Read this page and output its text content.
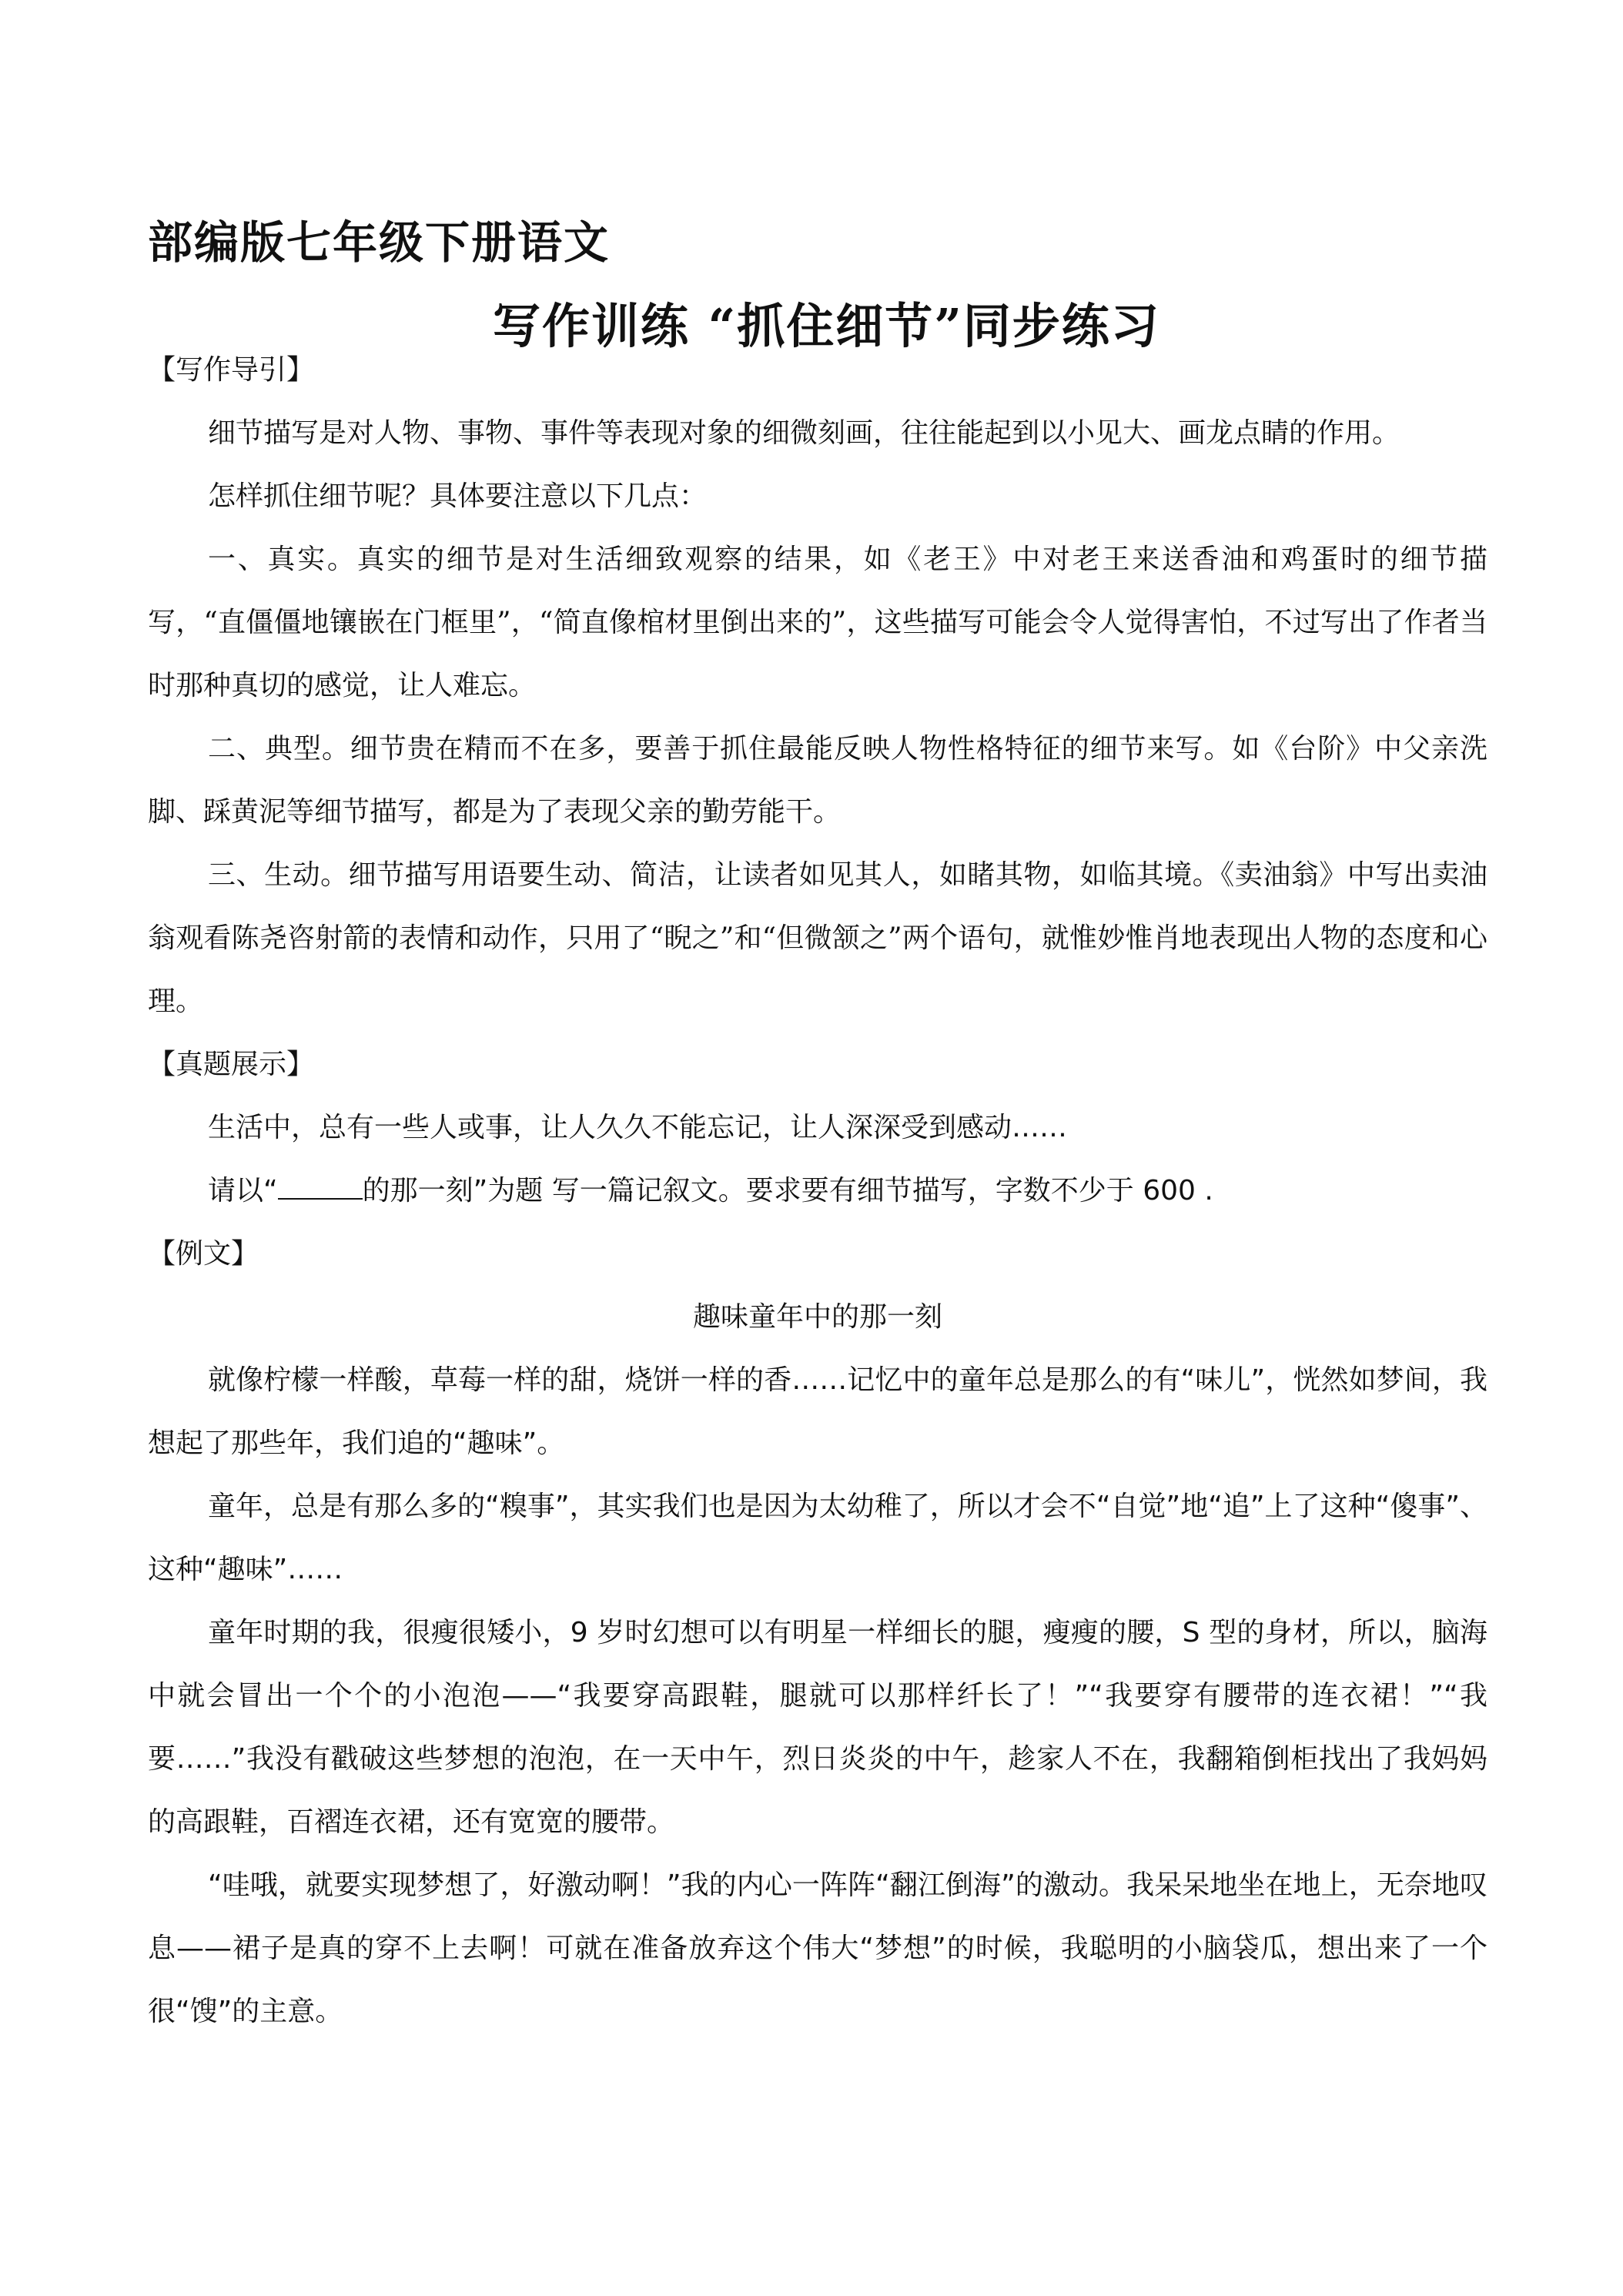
部编版七年级下册语文
写作训练 “抓住细节”同步练习

【写作导引】

细节描写是对人物、事物、事件等表现对象的细微刻画，往往能起到以小见大、画龙点睛的作用。

怎样抓住细节呢？具体要注意以下几点：

一、真实。真实的细节是对生活细致观察的结果，如《老王》中对老王来送香油和鸡蛋时的细节描写，“直僵僵地镶嵌在门框里”，“简直像棺材里倒出来的”，这些描写可能会令人觉得害怕，不过写出了作者当时那种真切的感觉，让人难忘。

二、典型。细节贵在精而不在多，要善于抓住最能反映人物性格特征的细节来写。如《台阶》中父亲洗脚、踩黄泥等细节描写，都是为了表现父亲的勤劳能干。

三、生动。细节描写用语要生动、简洁，让读者如见其人，如睹其物，如临其境。《卖油翁》中写出卖油翁观看陈尧咨射箭的表情和动作，只用了“睨之”和“但微颔之”两个语句，就惟妙惟肖地表现出人物的态度和心理。

【真题展示】

生活中，总有一些人或事，让人久久不能忘记，让人深深受到感动……

请以“	的那一刻”为题 写一篇记叙文。要求要有细节描写，字数不少于 600 .

【例文】

趣味童年中的那一刻

就像柠檬一样酸，草莓一样的甜，烧饼一样的香……记忆中的童年总是那么的有“味儿”，恍然如梦间，我想起了那些年，我们追的“趣味”。

童年，总是有那么多的“糗事”，其实我们也是因为太幼稚了，所以才会不“自觉”地“追”上了这种“傻事”、这种“趣味”……

童年时期的我，很瘦很矮小，9 岁时幻想可以有明星一样细长的腿，瘦瘦的腰，S 型的身材，所以，脑海中就会冒出一个个的小泡泡——“我要穿高跟鞋，腿就可以那样纤长了！”“我要穿有腰带的连衣裙！”“我要……”我没有戳破这些梦想的泡泡，在一天中午，烈日炎炎的中午，趁家人不在，我翻箱倒柜找出了我妈妈的高跟鞋，百褶连衣裙，还有宽宽的腰带。

“哇哦，就要实现梦想了，好激动啊！”我的内心一阵阵“翻江倒海”的激动。我呆呆地坐在地上，无奈地叹息——裙子是真的穿不上去啊！可就在准备放弃这个伟大“梦想”的时候，我聪明的小脑袋瓜，想出来了一个很“馊”的主意。
